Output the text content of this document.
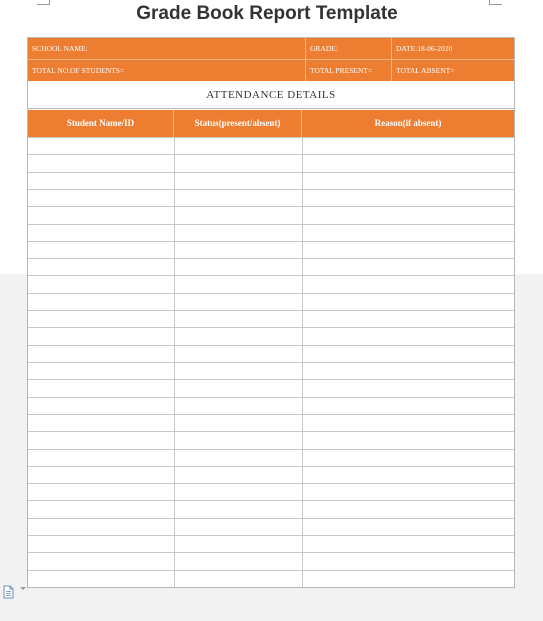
Grade Book Report Template
SCHOOL NAME:	GRADE:	DATE:18-06-2020
TOTAL NO.OF STUDENTS=	TOTAL PRESENT=	TOTAL ABSENT=
ATTENDANCE DETAILS
Student Name/ID	Status(present/absent)	Reason(if absent)
